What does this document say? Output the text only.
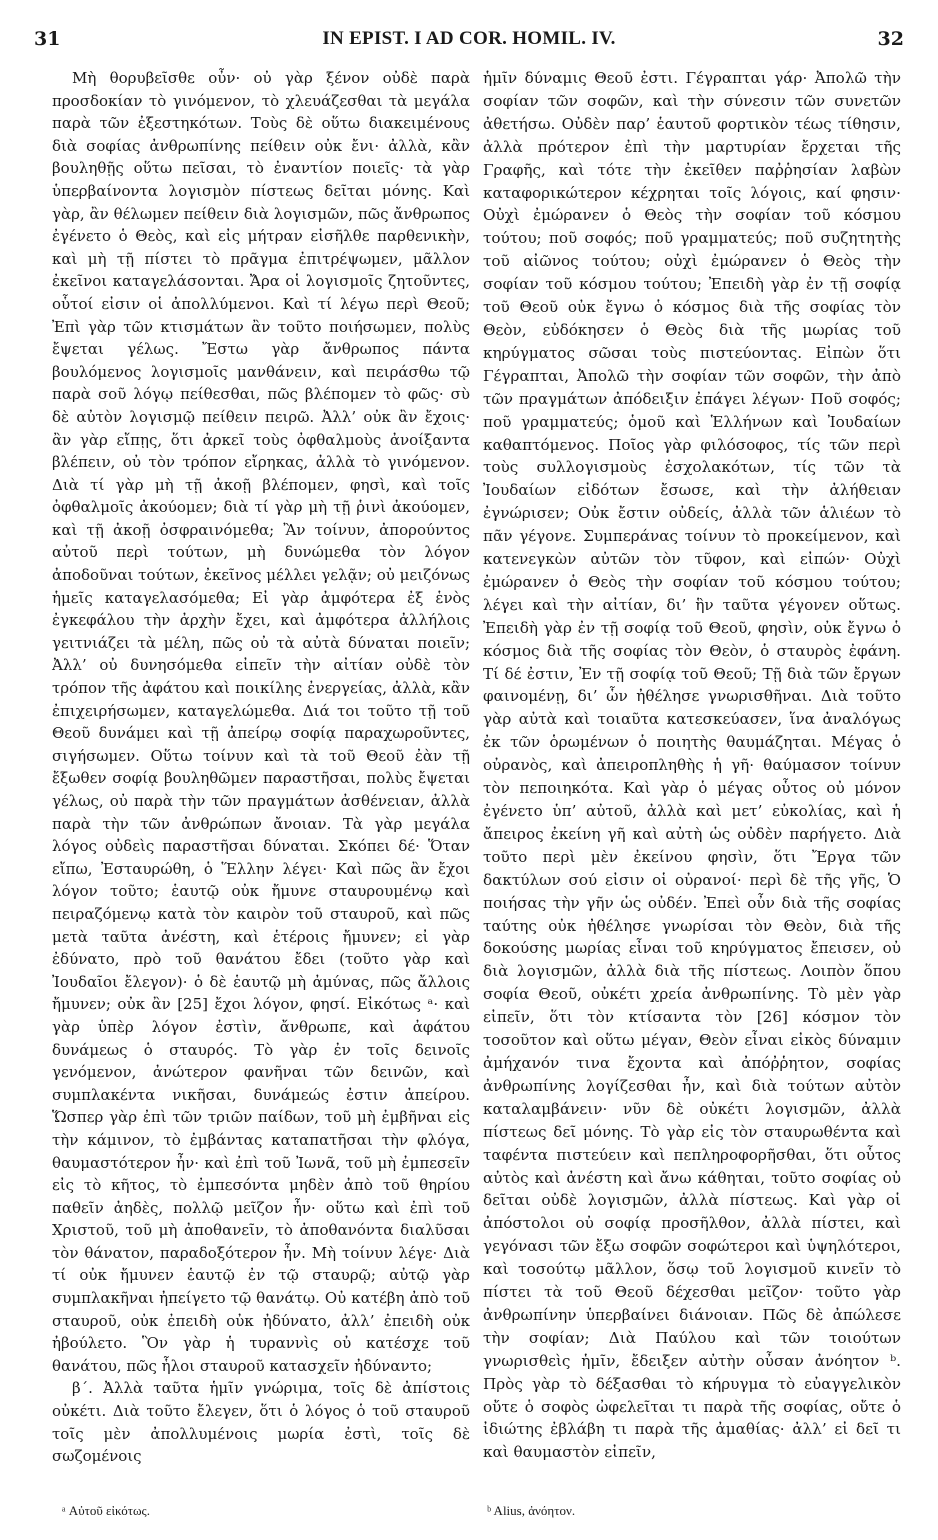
31	IN EPIST. I AD COR. HOMIL. IV.	32

Μὴ θορυβεῖσθε οὖν· οὐ γὰρ ξένον οὐδὲ παρὰ προσδοκίαν τὸ γινόμενον, τὸ χλευάζεσθαι τὰ μεγάλα παρὰ τῶν ἐξεστηκότων. Τοὺς δὲ οὕτω διακειμένους διὰ σοφίας ἀνθρωπίνης πείθειν οὐκ ἔνι· ἀλλὰ, κἂν βουληθῇς οὕτω πεῖσαι, τὸ ἐναντίον ποιεῖς· τὰ γὰρ ὑπερβαίνοντα λογισμὸν πίστεως δεῖται μόνης. Καὶ γὰρ, ἂν θέλωμεν πείθειν διὰ λογισμῶν, πῶς ἄνθρωπος ἐγένετο ὁ Θεὸς, καὶ εἰς μήτραν εἰσῆλθε παρθενικὴν, καὶ μὴ τῇ πίστει τὸ πρᾶγμα ἐπιτρέψωμεν, μᾶλλον ἐκεῖνοι καταγελάσονται. Ἄρα οἱ λογισμοῖς ζητοῦντες, οὗτοί εἰσιν οἱ ἀπολλύμενοι. Καὶ τί λέγω περὶ Θεοῦ; Ἐπὶ γὰρ τῶν κτισμάτων ἂν τοῦτο ποιήσωμεν, πολὺς ἔψεται γέλως. Ἔστω γὰρ ἄνθρωπος πάντα βουλόμενος λογισμοῖς μανθάνειν, καὶ πειράσθω τῷ παρὰ σοῦ λόγῳ πείθεσθαι, πῶς βλέπομεν τὸ φῶς· σὺ δὲ αὐτὸν λογισμῷ πείθειν πειρῶ. Ἀλλ’ οὐκ ἂν ἔχοις· ἂν γὰρ εἴπῃς, ὅτι ἀρκεῖ τοὺς ὀφθαλμοὺς ἀνοίξαντα βλέπειν, οὐ τὸν τρόπον εἴρηκας, ἀλλὰ τὸ γινόμενον. Διὰ τί γὰρ μὴ τῇ ἀκοῇ βλέπομεν, φησὶ, καὶ τοῖς ὀφθαλμοῖς ἀκούομεν; διὰ τί γὰρ μὴ τῇ ῥινὶ ἀκούομεν, καὶ τῇ ἀκοῇ ὀσφραινόμεθα; Ἂν τοίνυν, ἀπορούντος αὐτοῦ περὶ τούτων, μὴ δυνώμεθα τὸν λόγον ἀποδοῦναι τούτων, ἐκεῖνος μέλλει γελᾷν; οὐ μειζόνως ἡμεῖς καταγελασόμεθα; Εἰ γὰρ ἀμφότερα ἐξ ἑνὸς ἐγκεφάλου τὴν ἀρχὴν ἔχει, καὶ ἀμφότερα ἀλλήλοις γειτνιάζει τὰ μέλη, πῶς οὐ τὰ αὐτὰ δύναται ποιεῖν; Ἀλλ’ οὐ δυνησόμεθα εἰπεῖν τὴν αἰτίαν οὐδὲ τὸν τρόπον τῆς ἀφάτου καὶ ποικίλης ἐνεργείας, ἀλλὰ, κἂν ἐπιχειρήσωμεν, καταγελώμεθα. Διά τοι τοῦτο τῇ τοῦ Θεοῦ δυνάμει καὶ τῇ ἀπείρῳ σοφίᾳ παραχωροῦντες, σιγήσωμεν. Οὕτω τοίνυν καὶ τὰ τοῦ Θεοῦ ἐὰν τῇ ἔξωθεν σοφίᾳ βουληθῶμεν παραστῆσαι, πολὺς ἔψεται γέλως, οὐ παρὰ τὴν τῶν πραγμάτων ἀσθένειαν, ἀλλὰ παρὰ τὴν τῶν ἀνθρώπων ἄνοιαν. Τὰ γὰρ μεγάλα λόγος οὐδεὶς παραστῆσαι δύναται. Σκόπει δέ· Ὅταν εἴπω, Ἐσταυρώθη, ὁ Ἕλλην λέγει· Καὶ πῶς ἂν ἔχοι λόγον τοῦτο; ἑαυτῷ οὐκ ἤμυνε σταυρουμένῳ καὶ πειραζόμενῳ κατὰ τὸν καιρὸν τοῦ σταυροῦ, καὶ πῶς μετὰ ταῦτα ἀνέστη, καὶ ἑτέροις ἤμυνεν; εἰ γὰρ ἐδύνατο, πρὸ τοῦ θανάτου ἔδει (τοῦτο γὰρ καὶ Ἰουδαῖοι ἔλεγον)· ὁ δὲ ἑαυτῷ μὴ ἀμύνας, πῶς ἄλλοις ἤμυνεν; οὐκ ἂν [25] ἔχοι λόγον, φησί. Εἰκότως ᵃ· καὶ γὰρ ὑπὲρ λόγον ἐστὶν, ἄνθρωπε, καὶ ἀφάτου δυνάμεως ὁ σταυρός. Τὸ γὰρ ἐν τοῖς δεινοῖς γενόμενον, ἀνώτερον φανῆναι τῶν δεινῶν, καὶ συμπλακέντα νικῆσαι, δυνάμεώς ἐστιν ἀπείρου. Ὥσπερ γὰρ ἐπὶ τῶν τριῶν παίδων, τοῦ μὴ ἐμβῆναι εἰς τὴν κάμινον, τὸ ἐμβάντας καταπατῆσαι τὴν φλόγα, θαυμαστότερον ἦν· καὶ ἐπὶ τοῦ Ἰωνᾶ, τοῦ μὴ ἐμπεσεῖν εἰς τὸ κῆτος, τὸ ἐμπεσόντα μηδὲν ἀπὸ τοῦ θηρίου παθεῖν ἀηδὲς, πολλῷ μεῖζον ἦν· οὕτω καὶ ἐπὶ τοῦ Χριστοῦ, τοῦ μὴ ἀποθανεῖν, τὸ ἀποθανόντα διαλῦσαι τὸν θάνατον, παραδοξότερον ἦν. Μὴ τοίνυν λέγε· Διὰ τί οὐκ ἤμυνεν ἑαυτῷ ἐν τῷ σταυρῷ; αὐτῷ γὰρ συμπλακῆναι ἠπείγετο τῷ θανάτῳ. Οὐ κατέβη ἀπὸ τοῦ σταυροῦ, οὐκ ἐπειδὴ οὐκ ἠδύνατο, ἀλλ’ ἐπειδὴ οὐκ ἠβούλετο. Ὃν γὰρ ἡ τυραννὶς οὐ κατέσχε τοῦ θανάτου, πῶς ἧλοι σταυροῦ κατασχεῖν ἠδύναντο;

β´. Ἀλλὰ ταῦτα ἡμῖν γνώριμα, τοῖς δὲ ἀπίστοις οὐκέτι. Διὰ τοῦτο ἔλεγεν, ὅτι ὁ λόγος ὁ τοῦ σταυροῦ τοῖς μὲν ἀπολλυμένοις μωρία ἐστὶ, τοῖς δὲ σωζομένοις

ἡμῖν δύναμις Θεοῦ ἐστι. Γέγραπται γάρ· Ἀπολῶ τὴν σοφίαν τῶν σοφῶν, καὶ τὴν σύνεσιν τῶν συνετῶν ἀθετήσω. Οὐδὲν παρ’ ἑαυτοῦ φορτικὸν τέως τίθησιν, ἀλλὰ πρότερον ἐπὶ τὴν μαρτυρίαν ἔρχεται τῆς Γραφῆς, καὶ τότε τὴν ἐκεῖθεν παῤῥησίαν λαβὼν καταφορικώτερον κέχρηται τοῖς λόγοις, καί φησιν· Οὐχὶ ἐμώρανεν ὁ Θεὸς τὴν σοφίαν τοῦ κόσμου τούτου; ποῦ σοφός; ποῦ γραμματεύς; ποῦ συζητητὴς τοῦ αἰῶνος τούτου; οὐχὶ ἐμώρανεν ὁ Θεὸς τὴν σοφίαν τοῦ κόσμου τούτου; Ἐπειδὴ γὰρ ἐν τῇ σοφίᾳ τοῦ Θεοῦ οὐκ ἔγνω ὁ κόσμος διὰ τῆς σοφίας τὸν Θεὸν, εὐδόκησεν ὁ Θεὸς διὰ τῆς μωρίας τοῦ κηρύγματος σῶσαι τοὺς πιστεύοντας. Εἰπὼν ὅτι Γέγραπται, Ἀπολῶ τὴν σοφίαν τῶν σοφῶν, τὴν ἀπὸ τῶν πραγμάτων ἀπόδειξιν ἐπάγει λέγων· Ποῦ σοφός; ποῦ γραμματεύς; ὁμοῦ καὶ Ἑλλήνων καὶ Ἰουδαίων καθαπτόμενος. Ποῖος γὰρ φιλόσοφος, τίς τῶν περὶ τοὺς συλλογισμοὺς ἐσχολακότων, τίς τῶν τὰ Ἰουδαίων εἰδότων ἔσωσε, καὶ τὴν ἀλήθειαν ἐγνώρισεν; Οὐκ ἔστιν οὐδείς, ἀλλὰ τῶν ἁλιέων τὸ πᾶν γέγονε. Συμπεράνας τοίνυν τὸ προκείμενον, καὶ κατενεγκὼν αὐτῶν τὸν τῦφον, καὶ εἰπών· Οὐχὶ ἐμώρανεν ὁ Θεὸς τὴν σοφίαν τοῦ κόσμου τούτου; λέγει καὶ τὴν αἰτίαν, δι’ ἣν ταῦτα γέγονεν οὕτως. Ἐπειδὴ γὰρ ἐν τῇ σοφίᾳ τοῦ Θεοῦ, φησὶν, οὐκ ἔγνω ὁ κόσμος διὰ τῆς σοφίας τὸν Θεὸν, ὁ σταυρὸς ἐφάνη. Τί δέ ἐστιν, Ἐν τῇ σοφίᾳ τοῦ Θεοῦ; Τῇ διὰ τῶν ἔργων φαινομένῃ, δι’ ὧν ἠθέλησε γνωρισθῆναι. Διὰ τοῦτο γὰρ αὐτὰ καὶ τοιαῦτα κατεσκεύασεν, ἵνα ἀναλόγως ἐκ τῶν ὁρωμένων ὁ ποιητὴς θαυμάζηται. Μέγας ὁ οὐρανὸς, καὶ ἀπειροπληθὴς ἡ γῆ· θαύμασον τοίνυν τὸν πεποιηκότα. Καὶ γὰρ ὁ μέγας οὗτος οὐ μόνον ἐγένετο ὑπ’ αὐτοῦ, ἀλλὰ καὶ μετ’ εὐκολίας, καὶ ἡ ἄπειρος ἐκείνη γῆ καὶ αὐτὴ ὡς οὐδὲν παρήγετο. Διὰ τοῦτο περὶ μὲν ἐκείνου φησὶν, ὅτι Ἔργα τῶν δακτύλων σού εἰσιν οἱ οὐρανοί· περὶ δὲ τῆς γῆς, Ὁ ποιήσας τὴν γῆν ὡς οὐδέν. Ἐπεὶ οὖν διὰ τῆς σοφίας ταύτης οὐκ ἠθέλησε γνωρίσαι τὸν Θεὸν, διὰ τῆς δοκούσης μωρίας εἶναι τοῦ κηρύγματος ἔπεισεν, οὐ διὰ λογισμῶν, ἀλλὰ διὰ τῆς πίστεως. Λοιπὸν ὅπου σοφία Θεοῦ, οὐκέτι χρεία ἀνθρωπίνης. Τὸ μὲν γὰρ εἰπεῖν, ὅτι τὸν κτίσαντα τὸν [26] κόσμον τὸν τοσοῦτον καὶ οὕτω μέγαν, Θεὸν εἶναι εἰκὸς δύναμιν ἀμήχανόν τινα ἔχοντα καὶ ἀπόῤῥητον, σοφίας ἀνθρωπίνης λογίζεσθαι ἦν, καὶ διὰ τούτων αὐτὸν καταλαμβάνειν· νῦν δὲ οὐκέτι λογισμῶν, ἀλλὰ πίστεως δεῖ μόνης. Τὸ γὰρ εἰς τὸν σταυρωθέντα καὶ ταφέντα πιστεύειν καὶ πεπληροφορῆσθαι, ὅτι οὗτος αὐτὸς καὶ ἀνέστη καὶ ἄνω κάθηται, τοῦτο σοφίας οὐ δεῖται οὐδὲ λογισμῶν, ἀλλὰ πίστεως. Καὶ γὰρ οἱ ἀπόστολοι οὐ σοφίᾳ προσῆλθον, ἀλλὰ πίστει, καὶ γεγόνασι τῶν ἔξω σοφῶν σοφώτεροι καὶ ὑψηλότεροι, καὶ τοσούτῳ μᾶλλον, ὅσῳ τοῦ λογισμοῦ κινεῖν τὸ πίστει τὰ τοῦ Θεοῦ δέχεσθαι μεῖζον· τοῦτο γὰρ ἀνθρωπίνην ὑπερβαίνει διάνοιαν. Πῶς δὲ ἀπώλεσε τὴν σοφίαν; Διὰ Παύλου καὶ τῶν τοιούτων γνωρισθεὶς ἡμῖν, ἔδειξεν αὐτὴν οὖσαν ἀνόητον ᵇ. Πρὸς γὰρ τὸ δέξασθαι τὸ κήρυγμα τὸ εὐαγγελικὸν οὔτε ὁ σοφὸς ὠφελεῖται τι παρὰ τῆς σοφίας, οὔτε ὁ ἰδιώτης ἐβλάβη τι παρὰ τῆς ἀμαθίας· ἀλλ’ εἰ δεῖ τι καὶ θαυμαστὸν εἰπεῖν,

ᵃ Αὐτοῦ εἰκότως.	ᵇ Alius, ἀνόητον.
